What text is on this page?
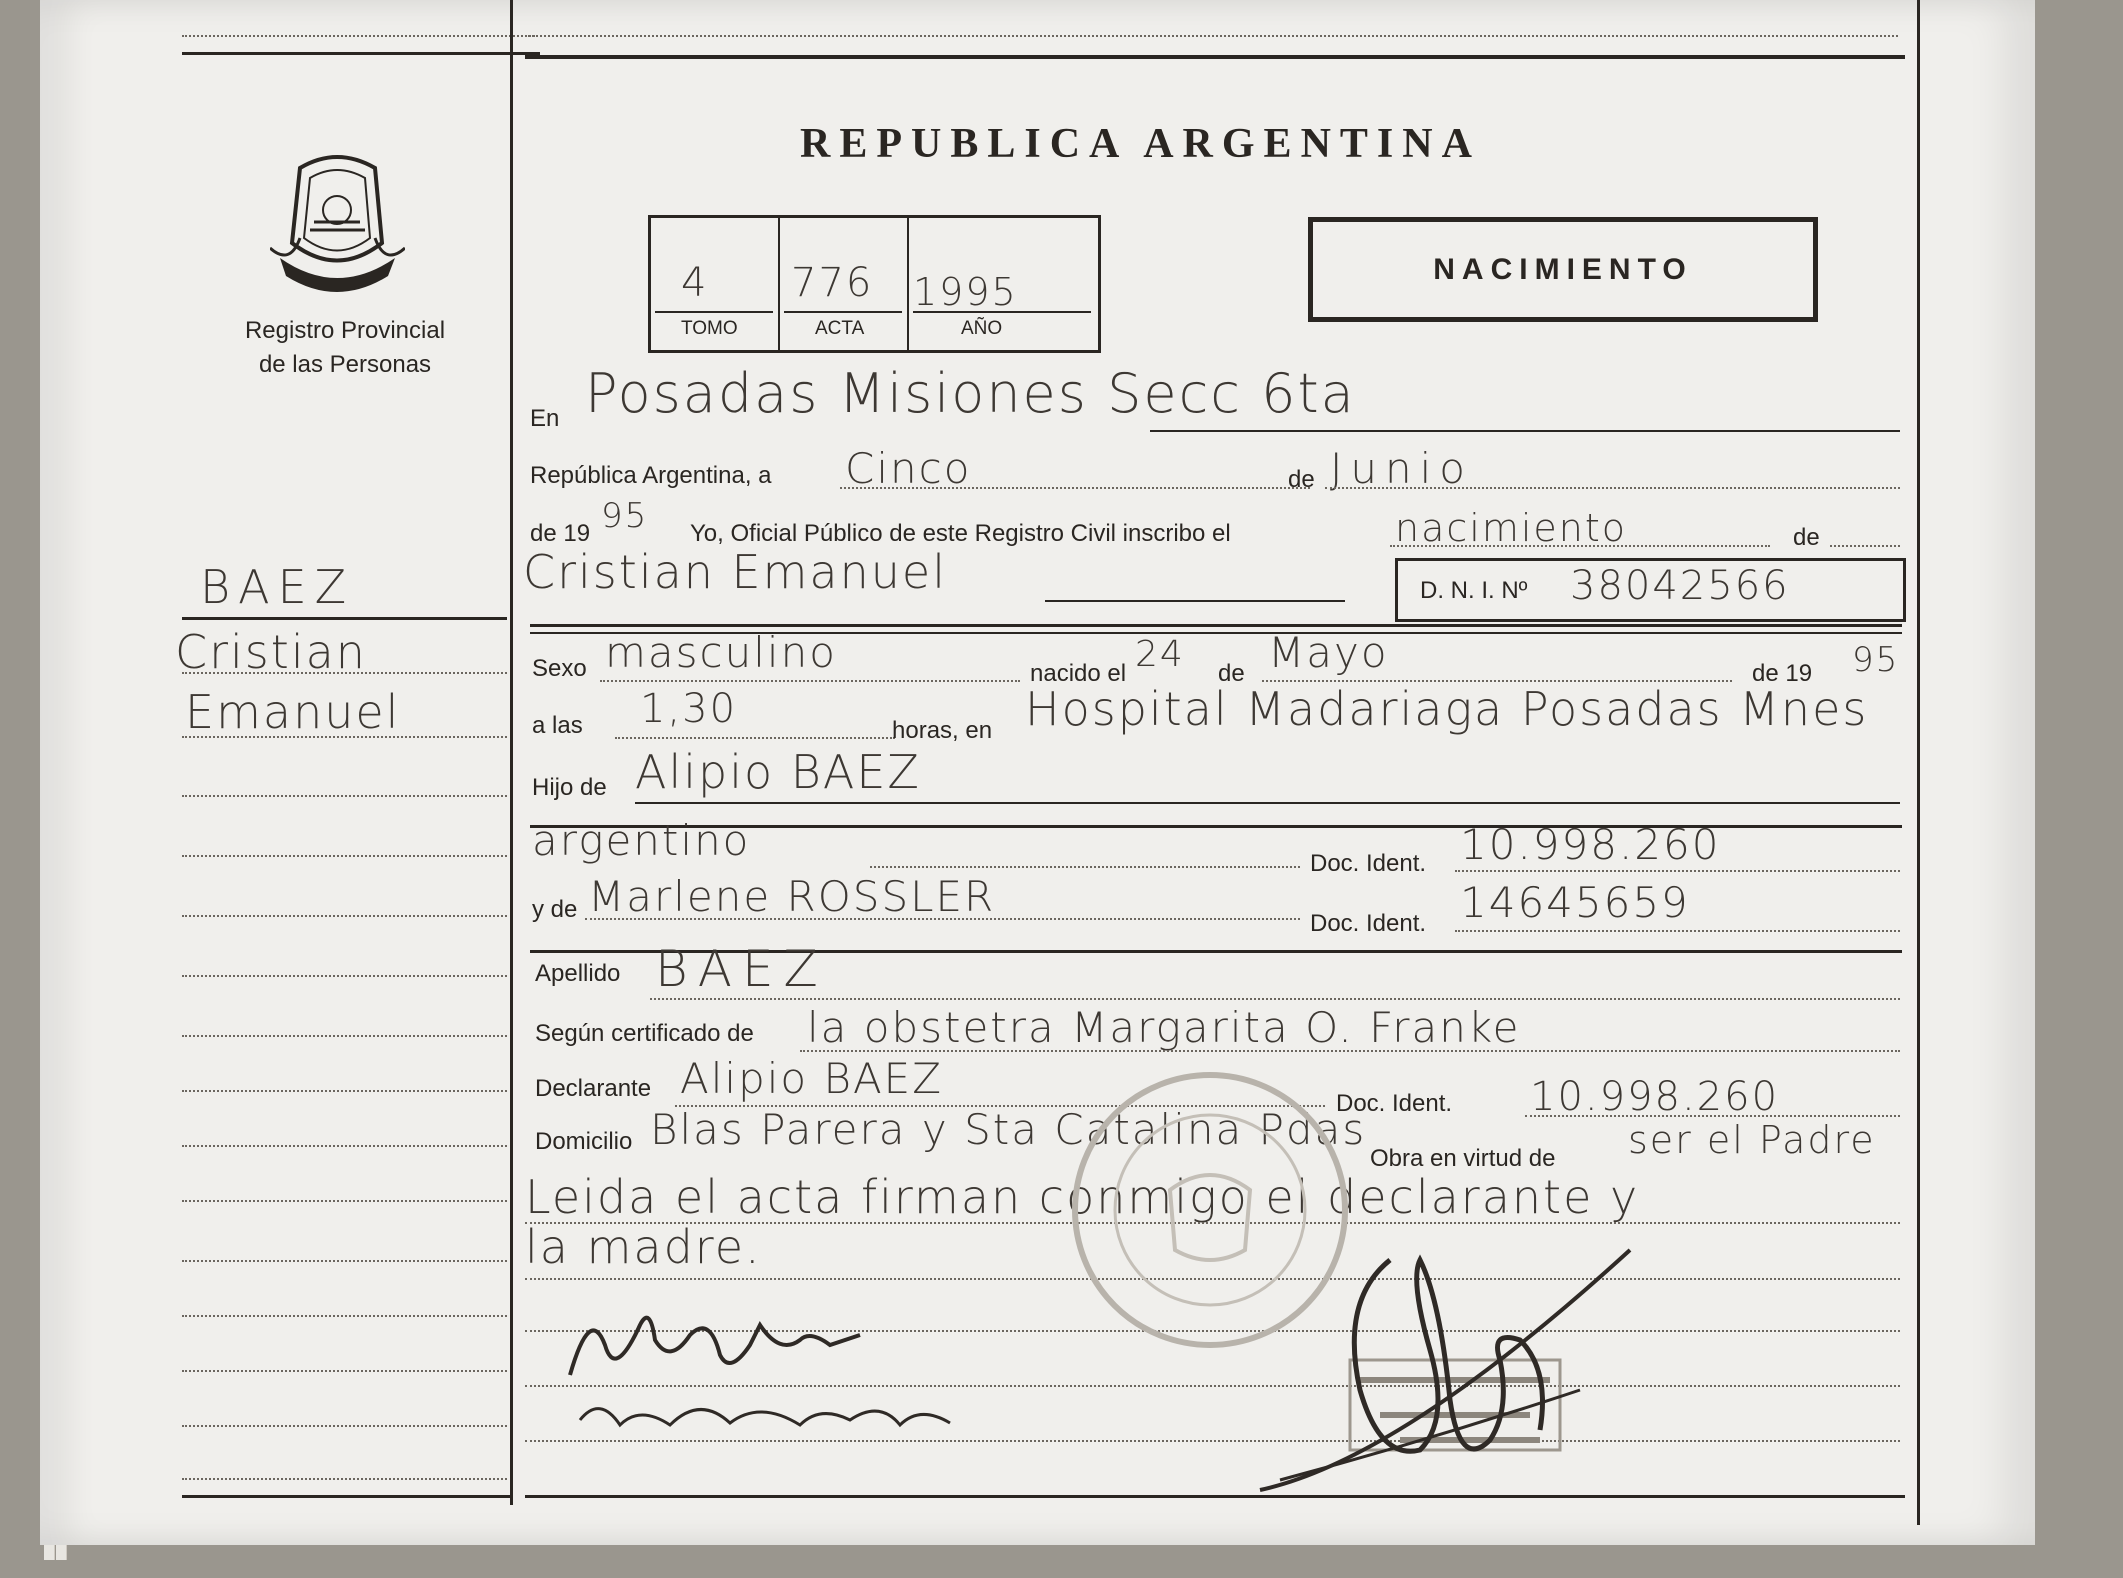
Registro Provincial
de las Personas
REPUBLICA ARGENTINA
4 776 1995
TOMO	ACTA	AÑO
NACIMIENTO
En Posadas Misiones Secc 6ta
República Argentina, a Cinco	de Junio
de 19 95 Yo, Oficial Público de este Registro Civil inscribo el	nacimiento	de
Cristian Emanuel	D. N. I. Nº 38042566
BAEZ
Cristian
Emanuel
Sexo masculino	nacido el 24 de Mayo	de 19 95
a las 1,30	horas, en Hospital Madariaga Posadas Mnes
Hijo de Alipio BAEZ
argentino	Doc. Ident. 10.998.260
y de Marlene ROSSLER
Doc. Ident. 14645659
Apellido BAEZ
Según certificado de la obstetra Margarita O. Franke
Declarante Alipio BAEZ
Doc. Ident. 10.998.260
Domicilio Blas Parera y Sta Catalina Pdas
Obra en virtud de ser el Padre
Leida el acta firman conmigo el declarante y
la madre.
